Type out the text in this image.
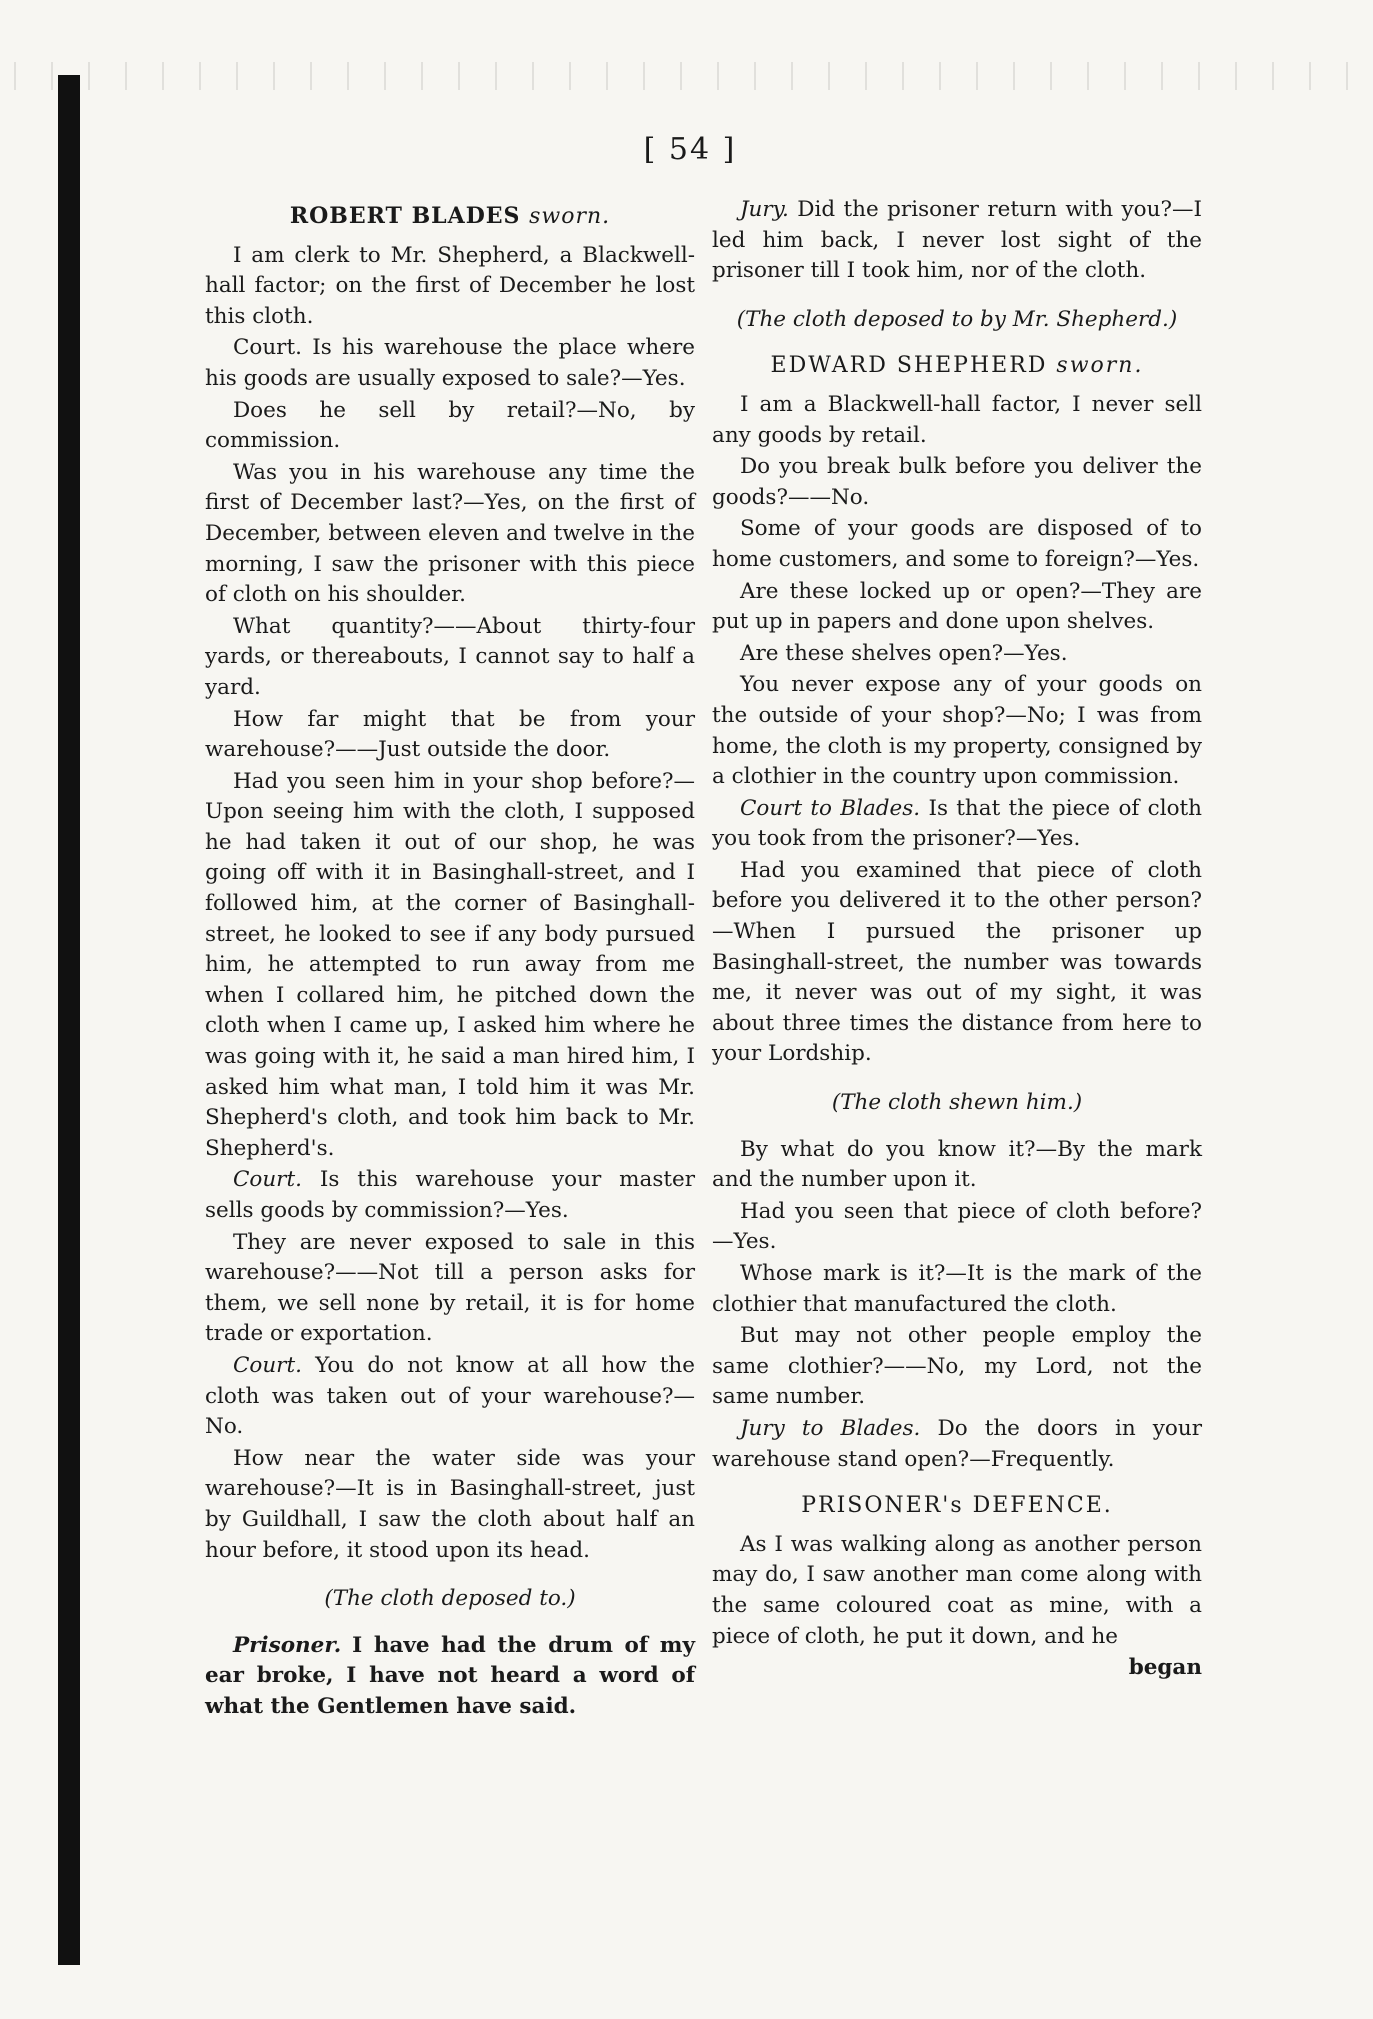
[ 54 ]
ROBERT BLADES sworn.

I am clerk to Mr. Shepherd, a Blackwell-hall factor; on the first of December he lost this cloth.

Court. Is his warehouse the place where his goods are usually exposed to sale?—Yes.

Does he sell by retail?—No, by commission.

Was you in his warehouse any time the first of December last?—Yes, on the first of December, between eleven and twelve in the morning, I saw the prisoner with this piece of cloth on his shoulder.

What quantity?——About thirty-four yards, or thereabouts, I cannot say to half a yard.

How far might that be from your warehouse?——Just outside the door.

Had you seen him in your shop before?—Upon seeing him with the cloth, I supposed he had taken it out of our shop, he was going off with it in Basinghall-street, and I followed him, at the corner of Basinghall-street, he looked to see if any body pursued him, he attempted to run away from me when I collared him, he pitched down the cloth when I came up, I asked him where he was going with it, he said a man hired him, I asked him what man, I told him it was Mr. Shepherd's cloth, and took him back to Mr. Shepherd's.

Court. Is this warehouse your master sells goods by commission?—Yes.

They are never exposed to sale in this warehouse?——Not till a person asks for them, we sell none by retail, it is for home trade or exportation.

Court. You do not know at all how the cloth was taken out of your warehouse?—No.

How near the water side was your warehouse?—It is in Basinghall-street, just by Guildhall, I saw the cloth about half an hour before, it stood upon its head.

(The cloth deposed to.)

Prisoner. I have had the drum of my ear broke, I have not heard a word of what the Gentlemen have said.

Jury. Did the prisoner return with you?—I led him back, I never lost sight of the prisoner till I took him, nor of the cloth.

(The cloth deposed to by Mr. Shepherd.)
EDWARD SHEPHERD sworn.

I am a Blackwell-hall factor, I never sell any goods by retail.

Do you break bulk before you deliver the goods?——No.

Some of your goods are disposed of to home customers, and some to foreign?—Yes.

Are these locked up or open?—They are put up in papers and done upon shelves.

Are these shelves open?—Yes.

You never expose any of your goods on the outside of your shop?—No; I was from home, the cloth is my property, consigned by a clothier in the country upon commission.

Court to Blades. Is that the piece of cloth you took from the prisoner?—Yes.

Had you examined that piece of cloth before you delivered it to the other person?—When I pursued the prisoner up Basinghall-street, the number was towards me, it never was out of my sight, it was about three times the distance from here to your Lordship.

(The cloth shewn him.)

By what do you know it?—By the mark and the number upon it.

Had you seen that piece of cloth before?—Yes.

Whose mark is it?—It is the mark of the clothier that manufactured the cloth.

But may not other people employ the same clothier?——No, my Lord, not the same number.

Jury to Blades. Do the doors in your warehouse stand open?—Frequently.

PRISONER's DEFENCE.

As I was walking along as another person may do, I saw another man come along with the same coloured coat as mine, with a piece of cloth, he put it down, and he

began
